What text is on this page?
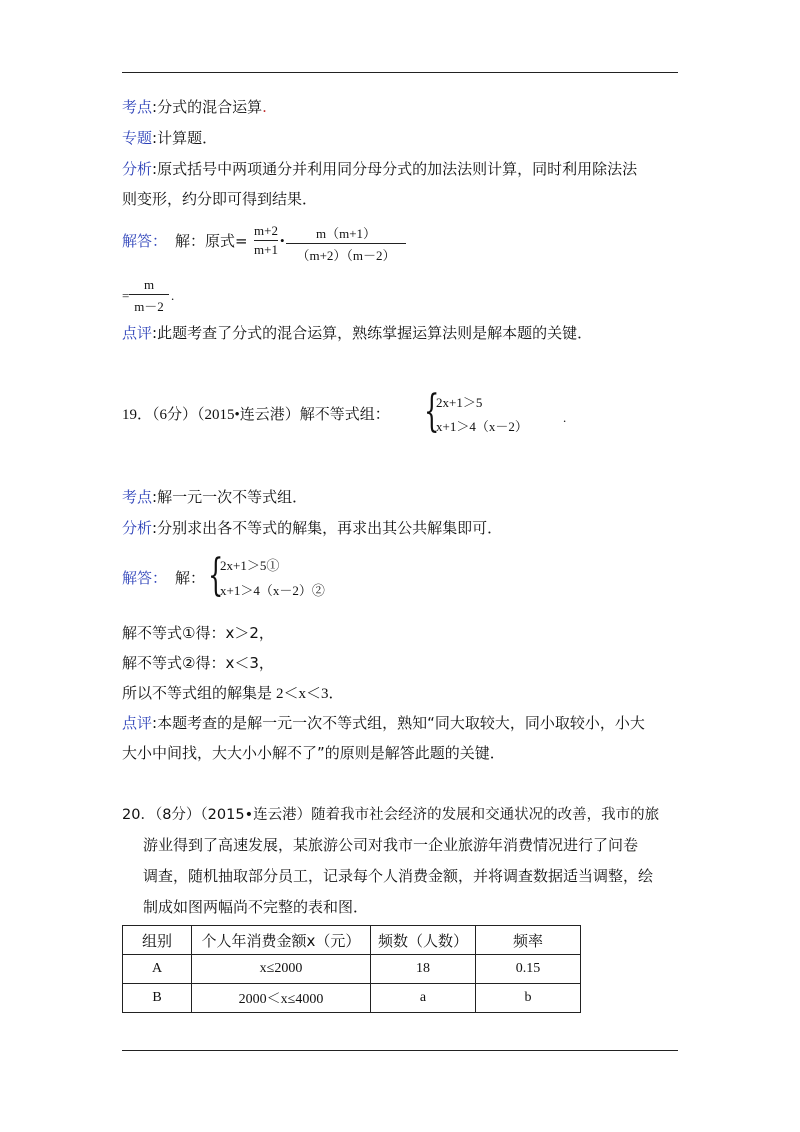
考点:分式的混合运算.
专题:计算题．
分析:原式括号中两项通分并利用同分母分式的加法法则计算，同时利用除法法
则变形，约分即可得到结果．
解答： 解：原式=
m+2
m+1
• m（m+1）
（m+2）（m－2）
=
m
m－2
.
点评:此题考查了分式的混合运算，熟练掌握运算法则是解本题的关键．
19．（6分）（2015•连云港）解不等式组： {
2x+1＞5
x+1＞4（x－2）
.
考点:解一元一次不等式组．
分析:分别求出各不等式的解集，再求出其公共解集即可．
解答： 解： {
2x+1＞5①
x+1＞4（x－2）②
解不等式①得：x＞2，
解不等式②得：x＜3，
所以不等式组的解集是 2＜x＜3．
点评:本题考查的是解一元一次不等式组，熟知“同大取较大，同小取较小，小大
大小中间找，大大小小解不了”的原则是解答此题的关键．
20．（8分）（2015•连云港）随着我市社会经济的发展和交通状况的改善，我市的旅
游业得到了高速发展，某旅游公司对我市一企业旅游年消费情况进行了问卷
调查，随机抽取部分员工，记录每个人消费金额，并将调查数据适当调整，绘
制成如图两幅尚不完整的表和图．
组别	个人年消费金额x（元）	频数（人数）	频率
A	x≤2000	18	0.15
B	2000＜x≤4000	a	b
